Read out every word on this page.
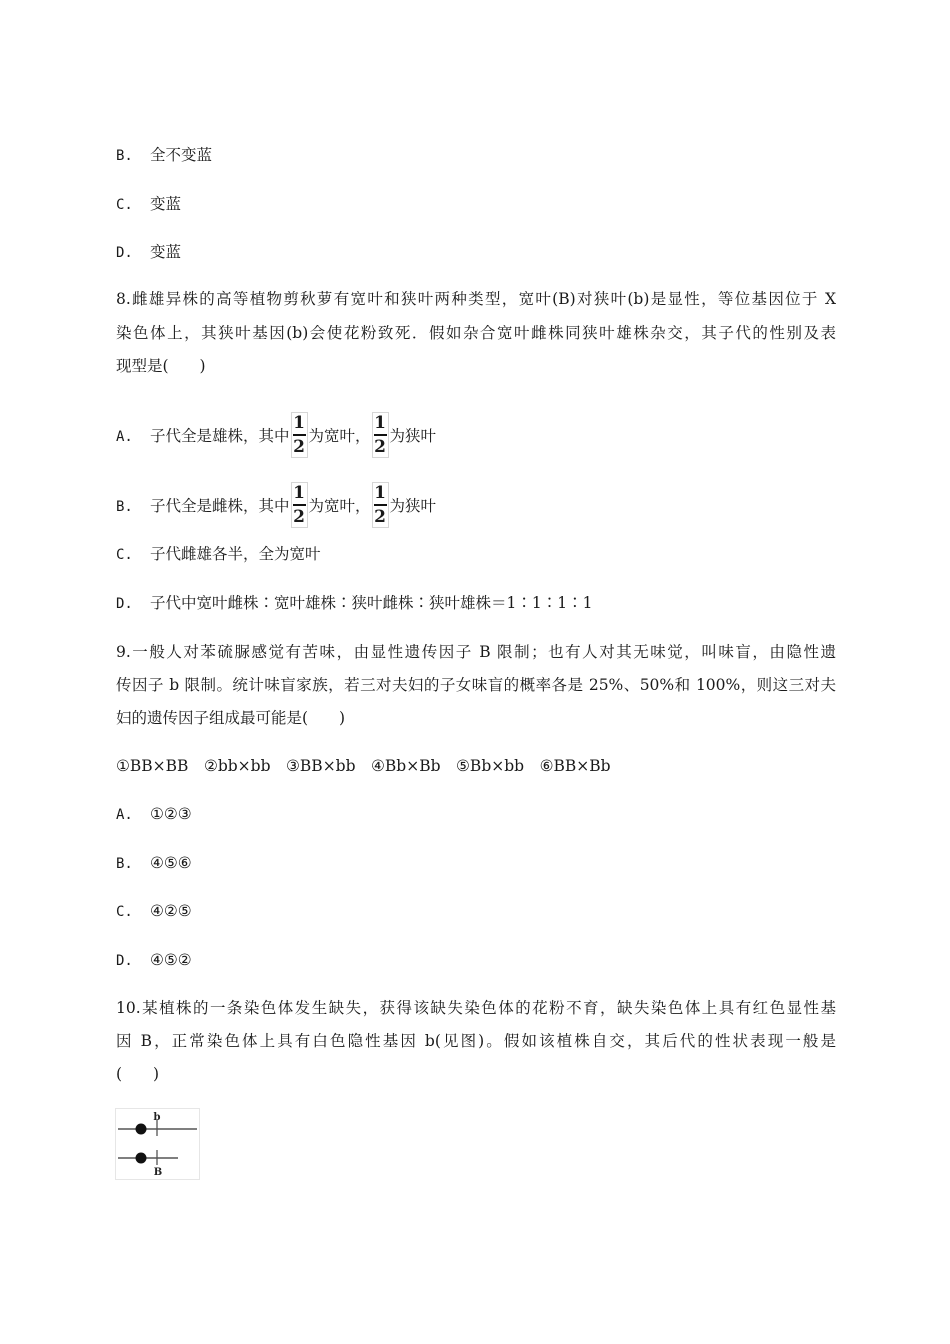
B. 全不变蓝
C. 变蓝
D. 变蓝
8.雌雄异株的高等植物剪秋萝有宽叶和狭叶两种类型，宽叶(B)对狭叶(b)是显性，等位基因位于 X
染色体上，其狭叶基因(b)会使花粉致死．假如杂合宽叶雌株同狭叶雄株杂交，其子代的性别及表
现型是(　　)
A. 子代全是雄株，其中 $\frac{1}{2}$ 为宽叶， $\frac{1}{2}$ 为狭叶
B. 子代全是雌株，其中 $\frac{1}{2}$ 为宽叶， $\frac{1}{2}$ 为狭叶
C. 子代雌雄各半，全为宽叶
D. 子代中宽叶雌株∶宽叶雄株∶狭叶雌株∶狭叶雄株＝1∶1∶1∶1
9.一般人对苯硫脲感觉有苦味，由显性遗传因子 B 限制；也有人对其无味觉，叫味盲，由隐性遗
传因子 b 限制。统计味盲家族，若三对夫妇的子女味盲的概率各是 25%、50%和 100%，则这三对夫
妇的遗传因子组成最可能是(　　)
①BB×BB　②bb×bb　③BB×bb　④Bb×Bb　⑤Bb×bb　⑥BB×Bb
A. ①②③
B. ④⑤⑥
C. ④②⑤
D. ④⑤②
10.某植株的一条染色体发生缺失，获得该缺失染色体的花粉不育，缺失染色体上具有红色显性基
因 B，正常染色体上具有白色隐性基因 b(见图)。假如该植株自交，其后代的性状表现一般是
(　　)
b
B
